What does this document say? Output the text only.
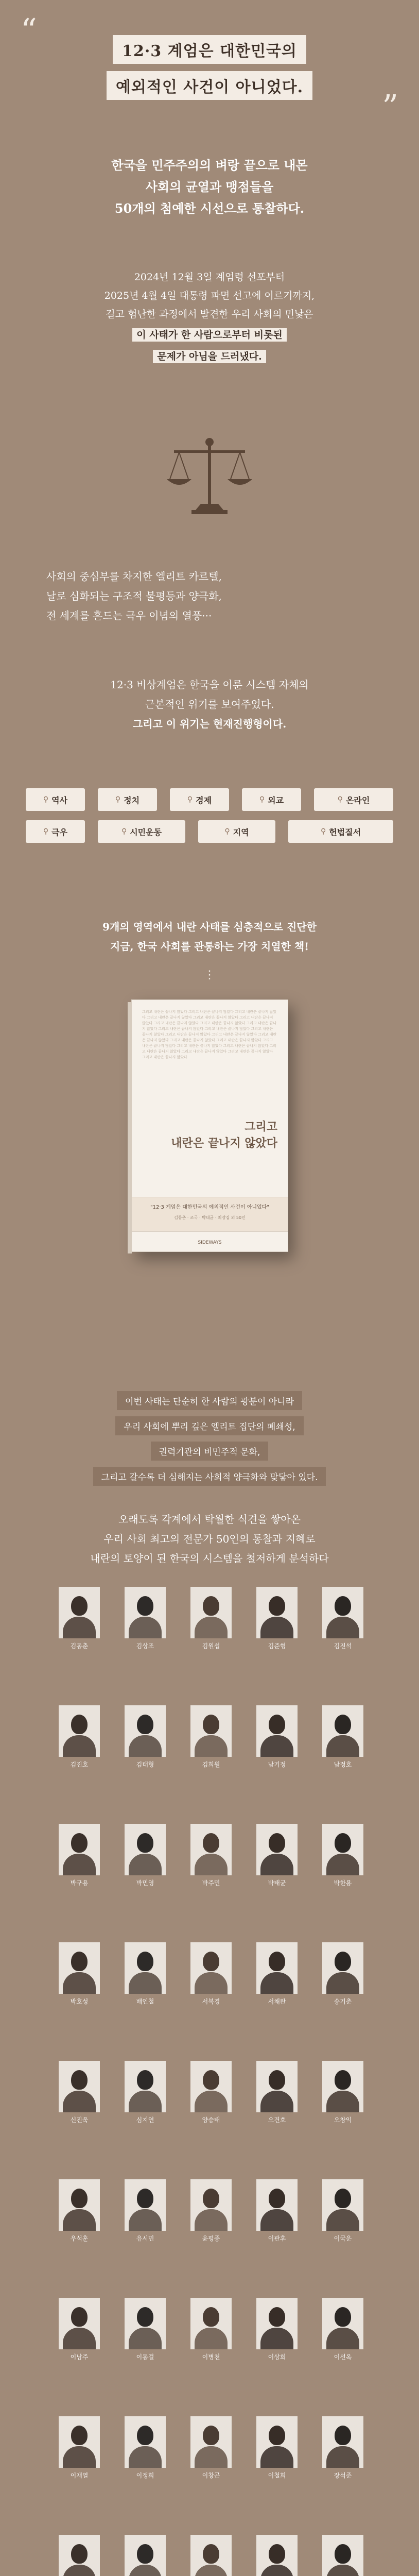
“
12·3 계엄은 대한민국의
예외적인 사건이 아니었다.
”
한국을 민주주의의 벼랑 끝으로 내몬
사회의 균열과 맹점들을
50개의 첨예한 시선으로 통찰하다.
2024년 12월 3일 계엄령 선포부터
2025년 4월 4일 대통령 파면 선고에 이르기까지,
길고 험난한 과정에서 발견한 우리 사회의 민낯은
이 사태가 한 사람으로부터 비롯된
문제가 아님을 드러냈다.
사회의 중심부를 차지한 엘리트 카르텔,
날로 심화되는 구조적 불평등과 양극화,
전 세계를 흔드는 극우 이념의 열풍···
12·3 비상계엄은 한국을 이룬 시스템 자체의
근본적인 위기를 보여주었다.
그리고 이 위기는 현재진행형이다.
⚲ 역사	⚲ 정치	⚲ 경제	⚲ 외교	⚲ 온라인
⚲ 극우	⚲ 시민운동	⚲ 지역	⚲ 헌법질서
9개의 영역에서 내란 사태를 심층적으로 진단한
지금, 한국 사회를 관통하는 가장 치열한 책!
⋮
그리고 내란은 끝나지 않았다 그리고 내란은 끝나지 않았다 그리고 내란은 끝나지 않았다 그리고 내란은 끝나지 않았다 그리고 내란은 끝나지 않았다 그리고 내란은 끝나지 않았다 그리고 내란은 끝나지 않았다 그리고 내란은 끝나지 않았다 그리고 내란은 끝나지 않았다 그리고 내란은 끝나지 않았다 그리고 내란은 끝나지 않았다 그리고 내란은 끝나지 않았다 그리고 내란은 끝나지 않았다 그리고 내란은 끝나지 않았다 그리고 내란은 끝나지 않았다 그리고 내란은 끝나지 않았다 그리고 내란은 끝나지 않았다 그리고 내란은 끝나지 않았다 그리고 내란은 끝나지 않았다 그리고 내란은 끝나지 않았다 그리고 내란은 끝나지 않았다 그리고 내란은 끝나지 않았다 그리고 내란은 끝나지 않았다 그리고 내란은 끝나지 않았다
그리고
내란은 끝나지 않았다
"12·3 계엄은 대한민국의 예외적인 사건이 아니었다"
김동춘 · 조국 · 박태균 · 최장집 외 50인
SIDEWAYS
이번 사태는 단순히 한 사람의 광분이 아니라
우리 사회에 뿌리 깊은 엘리트 집단의 폐쇄성,
권력기관의 비민주적 문화,
그리고 갈수록 더 심해지는 사회적 양극화와 맞닿아 있다.
오래도록 각계에서 탁월한 식견을 쌓아온
우리 사회 최고의 전문가 50인의 통찰과 지혜로
내란의 토양이 된 한국의 시스템을 철저하게 분석하다
김동춘	김상조	김원섭	김준형	김진석
김진호	김태형	김희원	남기정	남정호
박구용	박민영	박주민	박태균	박한용
박호성	배인철	서복경	서채완	송기춘
신진욱	심지연	양승태	오건호	오창익
우석훈	유시민	윤평중	이관후	이국운
이남주	이동걸	이병천	이상희	이선옥
이재열	이정희	이창곤	이철희	장석준
